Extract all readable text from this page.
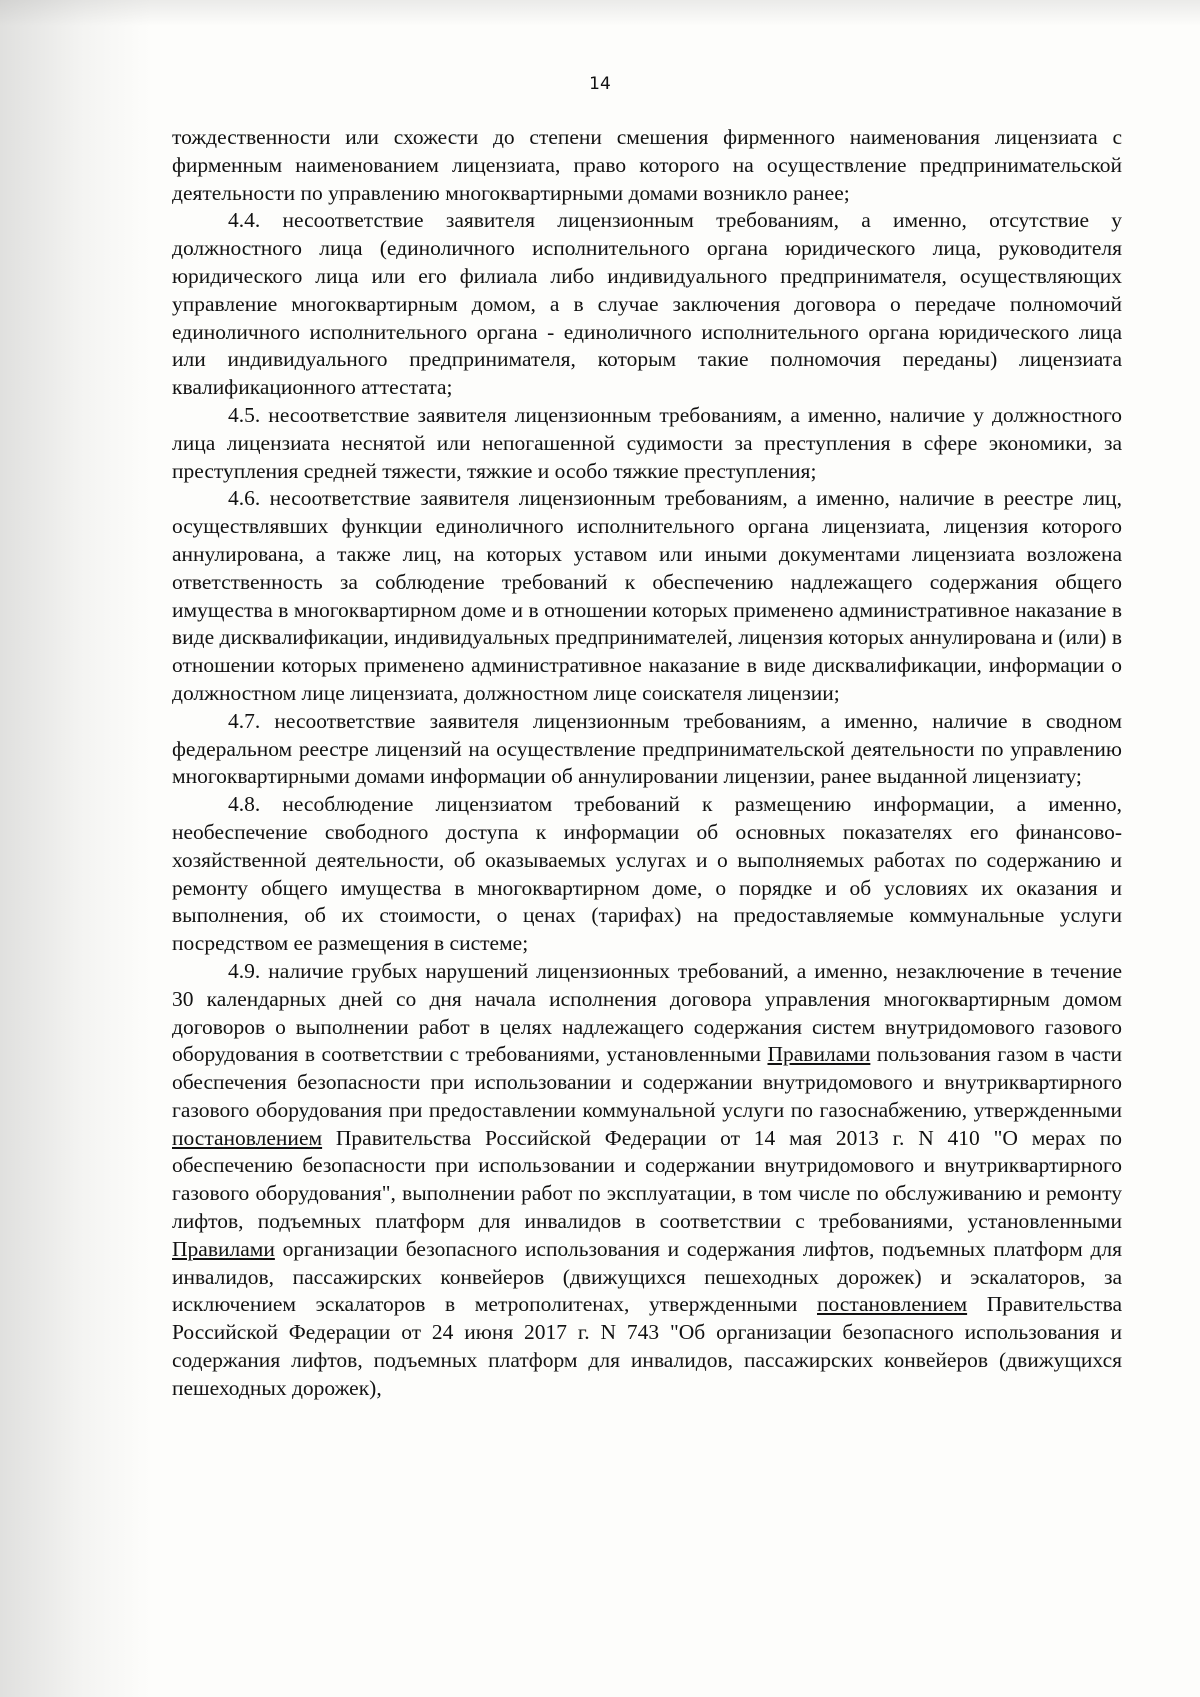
14

тождественности или схожести до степени смешения фирменного наименования лицензиата с фирменным наименованием лицензиата, право которого на осуществление предпринимательской деятельности по управлению многоквартирными домами возникло ранее;

4.4. несоответствие заявителя лицензионным требованиям, а именно, отсутствие у должностного лица (единоличного исполнительного органа юридического лица, руководителя юридического лица или его филиала либо индивидуального предпринимателя, осуществляющих управление многоквартирным домом, а в случае заключения договора о передаче полномочий единоличного исполнительного органа - единоличного исполнительного органа юридического лица или индивидуального предпринимателя, которым такие полномочия переданы) лицензиата квалификационного аттестата;

4.5. несоответствие заявителя лицензионным требованиям, а именно, наличие у должностного лица лицензиата неснятой или непогашенной судимости за преступления в сфере экономики, за преступления средней тяжести, тяжкие и особо тяжкие преступления;

4.6. несоответствие заявителя лицензионным требованиям, а именно, наличие в реестре лиц, осуществлявших функции единоличного исполнительного органа лицензиата, лицензия которого аннулирована, а также лиц, на которых уставом или иными документами лицензиата возложена ответственность за соблюдение требований к обеспечению надлежащего содержания общего имущества в многоквартирном доме и в отношении которых применено административное наказание в виде дисквалификации, индивидуальных предпринимателей, лицензия которых аннулирована и (или) в отношении которых применено административное наказание в виде дисквалификации, информации о должностном лице лицензиата, должностном лице соискателя лицензии;

4.7. несоответствие заявителя лицензионным требованиям, а именно, наличие в сводном федеральном реестре лицензий на осуществление предпринимательской деятельности по управлению многоквартирными домами информации об аннулировании лицензии, ранее выданной лицензиату;

4.8. несоблюдение лицензиатом требований к размещению информации, а именно, необеспечение свободного доступа к информации об основных показателях его финансово-хозяйственной деятельности, об оказываемых услугах и о выполняемых работах по содержанию и ремонту общего имущества в многоквартирном доме, о порядке и об условиях их оказания и выполнения, об их стоимости, о ценах (тарифах) на предоставляемые коммунальные услуги посредством ее размещения в системе;

4.9. наличие грубых нарушений лицензионных требований, а именно, незаключение в течение 30 календарных дней со дня начала исполнения договора управления многоквартирным домом договоров о выполнении работ в целях надлежащего содержания систем внутридомового газового оборудования в соответствии с требованиями, установленными Правилами пользования газом в части обеспечения безопасности при использовании и содержании внутридомового и внутриквартирного газового оборудования при предоставлении коммунальной услуги по газоснабжению, утвержденными постановлением Правительства Российской Федерации от 14 мая 2013 г. N 410 "О мерах по обеспечению безопасности при использовании и содержании внутридомового и внутриквартирного газового оборудования", выполнении работ по эксплуатации, в том числе по обслуживанию и ремонту лифтов, подъемных платформ для инвалидов в соответствии с требованиями, установленными Правилами организации безопасного использования и содержания лифтов, подъемных платформ для инвалидов, пассажирских конвейеров (движущихся пешеходных дорожек) и эскалаторов, за исключением эскалаторов в метрополитенах, утвержденными постановлением Правительства Российской Федерации от 24 июня 2017 г. N 743 "Об организации безопасного использования и содержания лифтов, подъемных платформ для инвалидов, пассажирских конвейеров (движущихся пешеходных дорожек),
